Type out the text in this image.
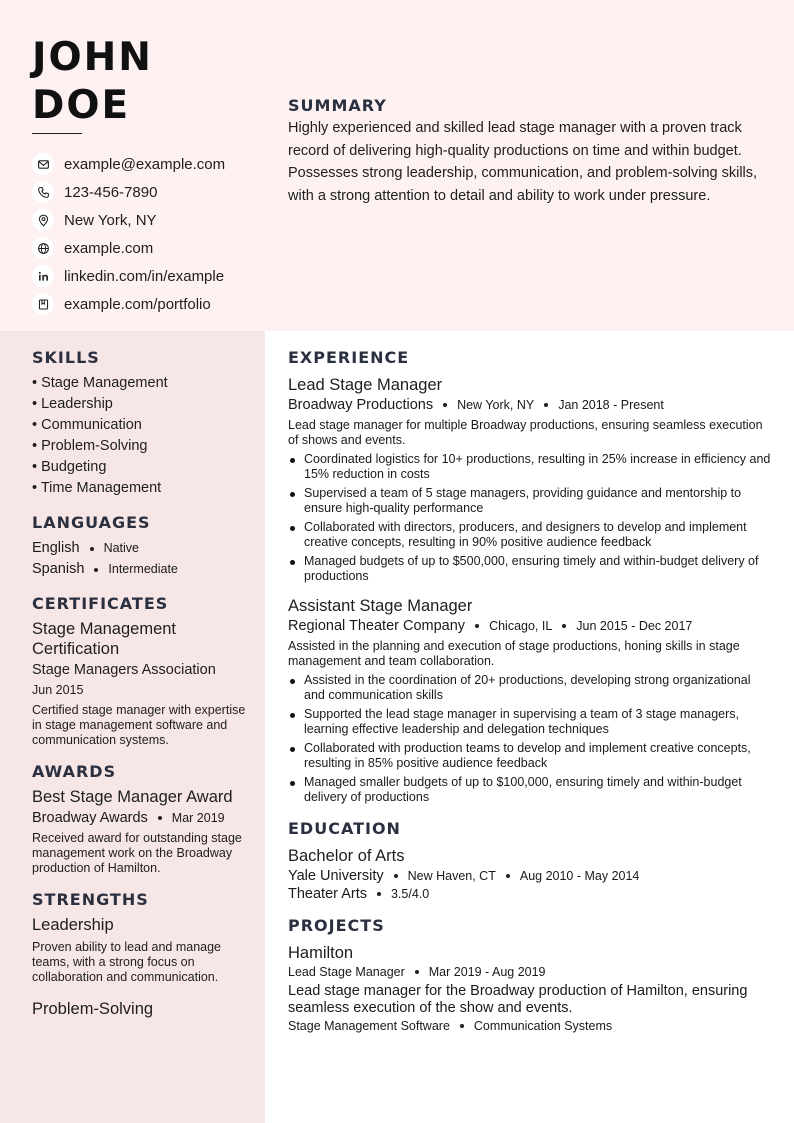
JOHN
DOE
example@example.com
123-456-7890
New York, NY
example.com
linkedin.com/in/example
example.com/portfolio
SUMMARY

Highly experienced and skilled lead stage manager with a proven track record of delivering high-quality productions on time and within budget. Possesses strong leadership, communication, and problem-solving skills, with a strong attention to detail and ability to work under pressure.

SKILLS
• Stage Management
• Leadership
• Communication
• Problem-Solving
• Budgeting
• Time Management
LANGUAGES
English Native
Spanish Intermediate
CERTIFICATES
Stage Management Certification
Stage Managers Association
Jun 2015
Certified stage manager with expertise in stage management software and communication systems.
AWARDS
Best Stage Manager Award
Broadway Awards Mar 2019
Received award for outstanding stage management work on the Broadway production of Hamilton.
STRENGTHS
Leadership
Proven ability to lead and manage teams, with a strong focus on collaboration and communication.
Problem-Solving
EXPERIENCE
Lead Stage Manager
Broadway Productions New York, NY Jan 2018 - Present
Lead stage manager for multiple Broadway productions, ensuring seamless execution of shows and events.
Coordinated logistics for 10+ productions, resulting in 25% increase in efficiency and 15% reduction in costs
Supervised a team of 5 stage managers, providing guidance and mentorship to ensure high-quality performance
Collaborated with directors, producers, and designers to develop and implement creative concepts, resulting in 90% positive audience feedback
Managed budgets of up to $500,000, ensuring timely and within-budget delivery of productions
Assistant Stage Manager
Regional Theater Company Chicago, IL Jun 2015 - Dec 2017
Assisted in the planning and execution of stage productions, honing skills in stage management and team collaboration.
Assisted in the coordination of 20+ productions, developing strong organizational and communication skills
Supported the lead stage manager in supervising a team of 3 stage managers, learning effective leadership and delegation techniques
Collaborated with production teams to develop and implement creative concepts, resulting in 85% positive audience feedback
Managed smaller budgets of up to $100,000, ensuring timely and within-budget delivery of productions
EDUCATION
Bachelor of Arts
Yale University New Haven, CT Aug 2010 - May 2014
Theater Arts 3.5/4.0
PROJECTS
Hamilton
Lead Stage Manager Mar 2019 - Aug 2019
Lead stage manager for the Broadway production of Hamilton, ensuring seamless execution of the show and events.
Stage Management Software Communication Systems
